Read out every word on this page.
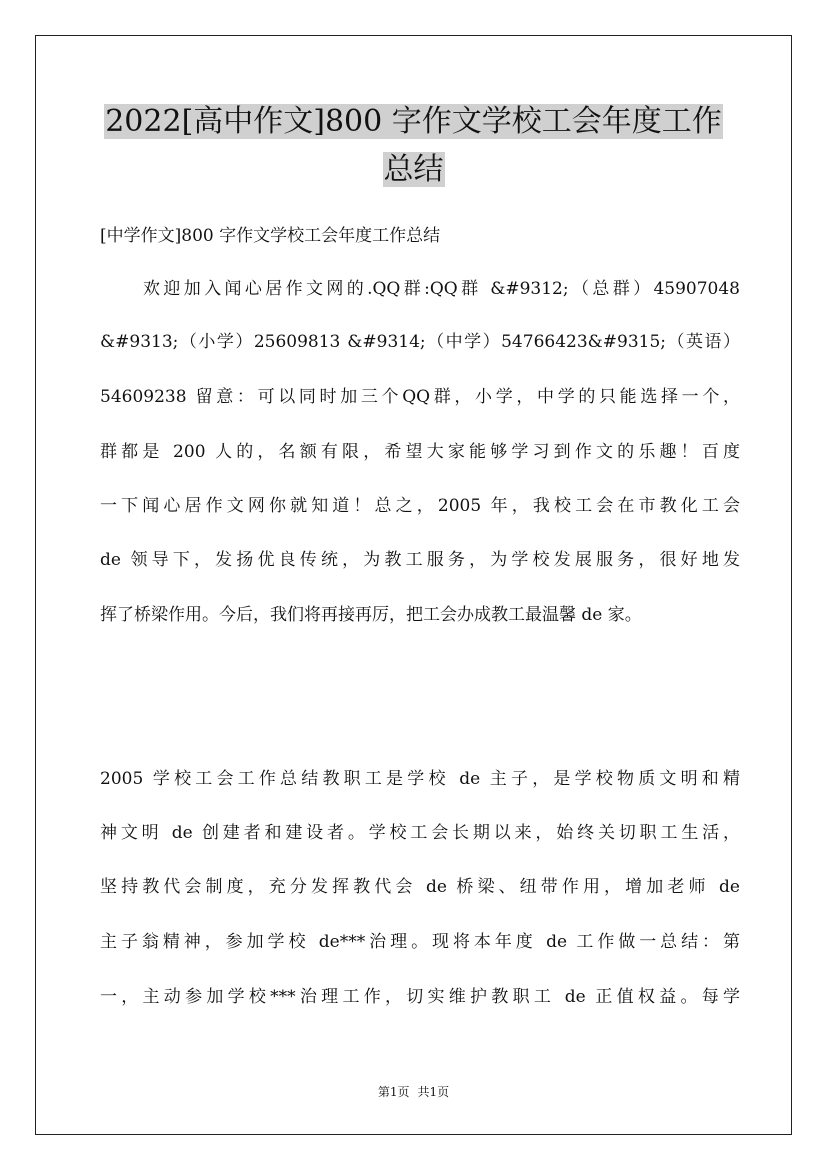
2022[高中作文]800 字作文学校工会年度工作
总结
[中学作文]800 字作文学校工会年度工作总结
欢迎加入闻心居作文网的.QQ群:QQ群 &#9312;（总群）45907048
&#9313;（小学）25609813 &#9314;（中学）54766423&#9315;（英语）
54609238 留意：可以同时加三个QQ群，小学，中学的只能选择一个，
群都是 200 人的，名额有限，希望大家能够学习到作文的乐趣！百度
一下闻心居作文网你就知道！总之，2005 年，我校工会在市教化工会
de 领导下，发扬优良传统，为教工服务，为学校发展服务，很好地发
挥了桥梁作用。今后，我们将再接再厉，把工会办成教工最温馨 de 家。
2005 学校工会工作总结教职工是学校 de 主子，是学校物质文明和精
神文明 de 创建者和建设者。学校工会长期以来，始终关切职工生活，
坚持教代会制度，充分发挥教代会 de 桥梁、纽带作用，增加老师 de
主子翁精神，参加学校 de***治理。现将本年度 de 工作做一总结：第
一，主动参加学校***治理工作，切实维护教职工 de 正值权益。每学
第1页 共1页
